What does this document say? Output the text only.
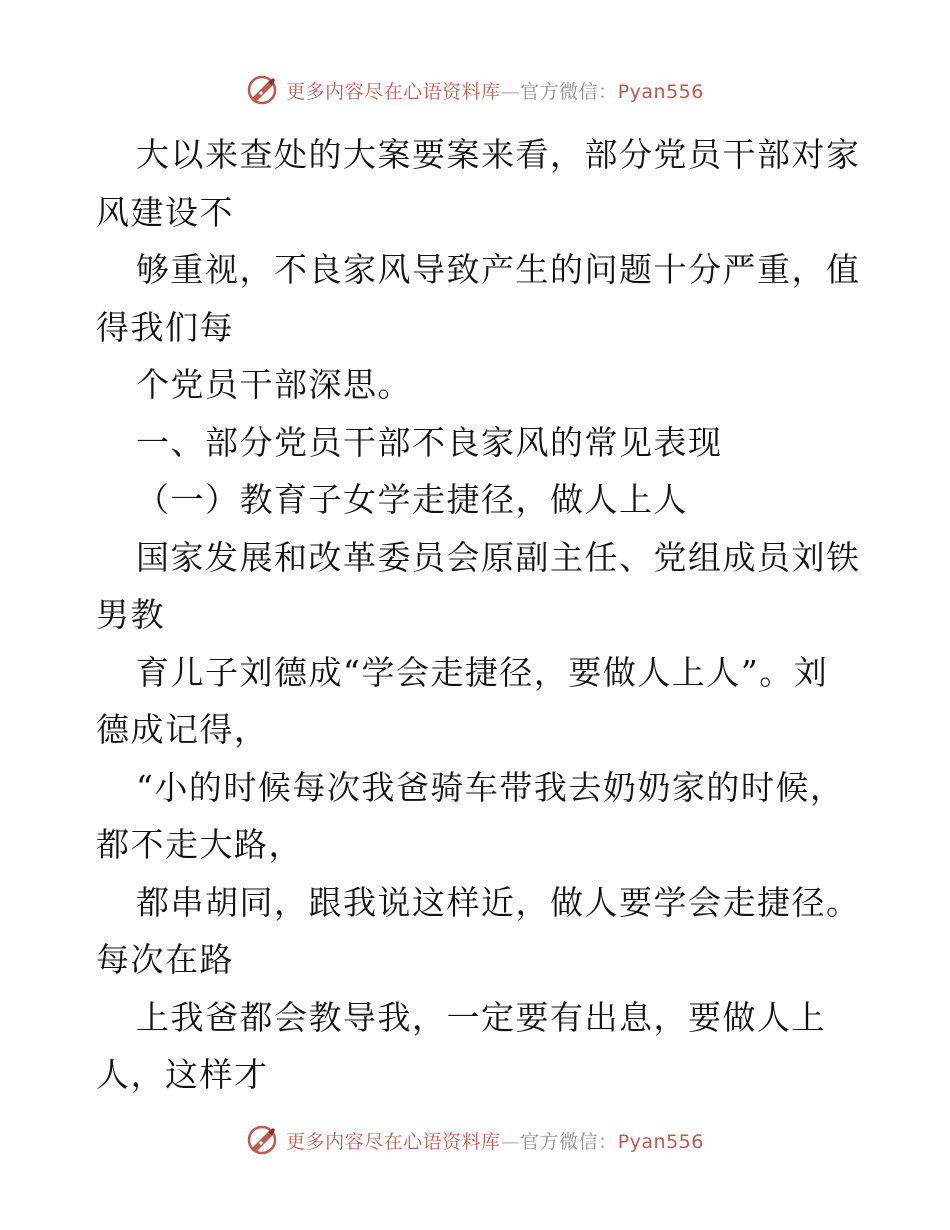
更多内容尽在心语资料库—官方微信：Pyan556
大以来查处的大案要案来看，部分党员干部对家
风建设不
够重视，不良家风导致产生的问题十分严重，值
得我们每
个党员干部深思。
一、部分党员干部不良家风的常见表现
（一）教育子女学走捷径，做人上人
国家发展和改革委员会原副主任、党组成员刘铁
男教
育儿子刘德成“学会走捷径，要做人上人”。刘
德成记得，
“小的时候每次我爸骑车带我去奶奶家的时候，
都不走大路，
都串胡同，跟我说这样近，做人要学会走捷径。
每次在路
上我爸都会教导我，一定要有出息，要做人上
人，这样才
更多内容尽在心语资料库—官方微信：Pyan556
